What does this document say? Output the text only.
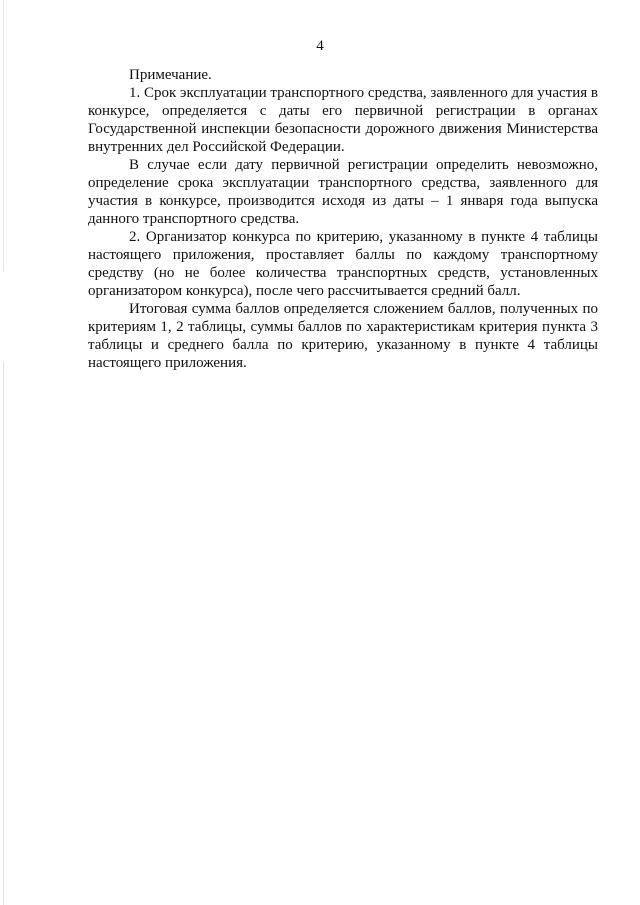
4

Примечание.

1. Срок эксплуатации транспортного средства, заявленного для участия в конкурсе, определяется с даты его первичной регистрации в органах Государственной инспекции безопасности дорожного движения Министерства внутренних дел Российской Федерации.

В случае если дату первичной регистрации определить невозможно, определение срока эксплуатации транспортного средства, заявленного для участия в конкурсе, производится исходя из даты – 1 января года выпуска данного транспортного средства.

2. Организатор конкурса по критерию, указанному в пункте 4 таблицы настоящего приложения, проставляет баллы по каждому транспортному средству (но не более количества транспортных средств, установленных организатором конкурса), после чего рассчитывается средний балл.

Итоговая сумма баллов определяется сложением баллов, полученных по критериям 1, 2 таблицы, суммы баллов по характеристикам критерия пункта 3 таблицы и среднего балла по критерию, указанному в пункте 4 таблицы настоящего приложения.
